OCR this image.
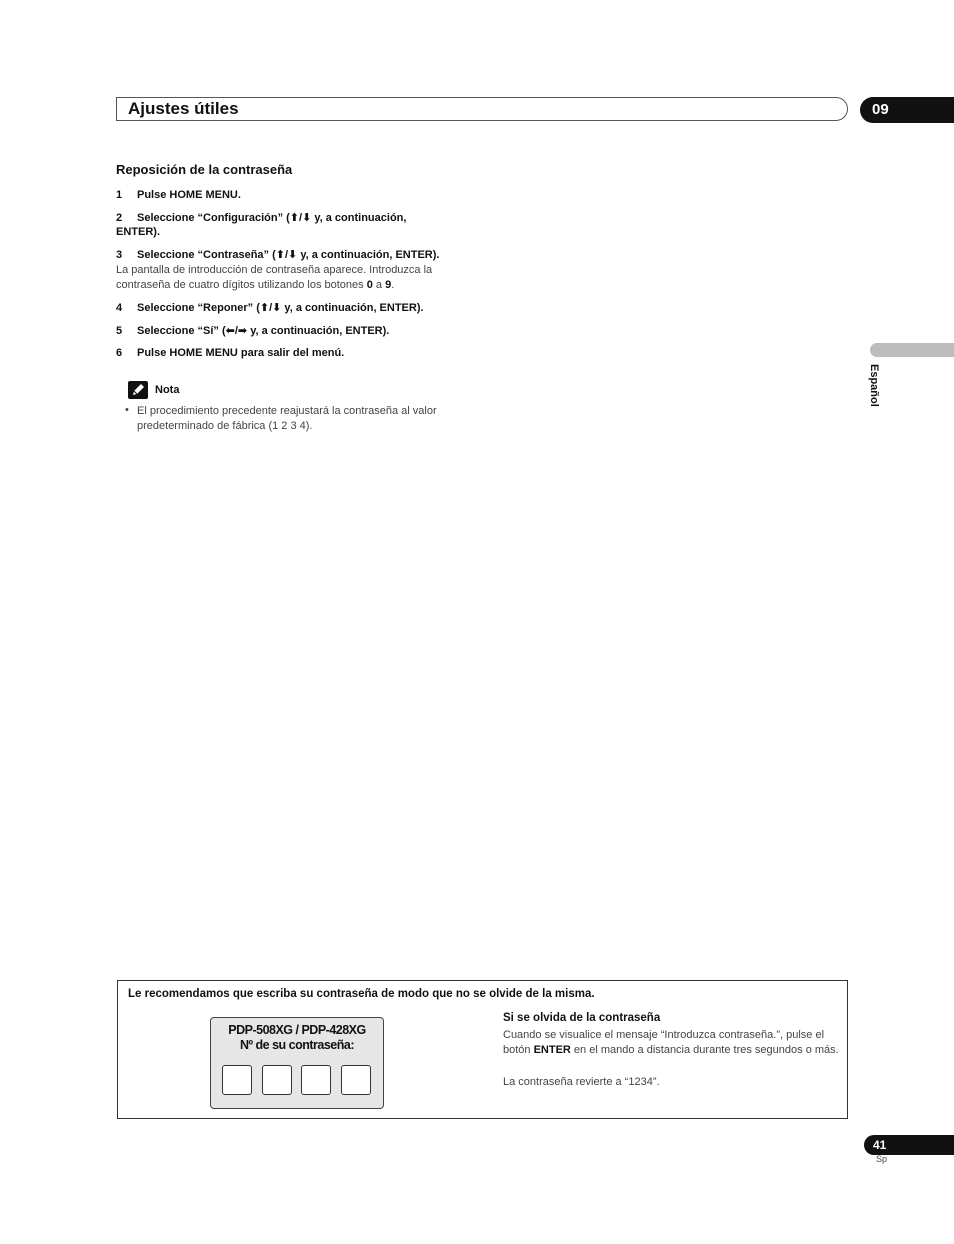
Ajustes útiles	09
Reposición de la contraseña
1 Pulse HOME MENU.
2 Seleccione “Configuración” (⬆/⬇ y, a continuación,
ENTER).
3 Seleccione “Contraseña” (⬆/⬇ y, a continuación, ENTER).
La pantalla de introducción de contraseña aparece. Introduzca la contraseña de cuatro dígitos utilizando los botones 0 a 9.
4 Seleccione “Reponer” (⬆/⬇ y, a continuación, ENTER).
5 Seleccione “Sí” (⬅/➡ y, a continuación, ENTER).
6 Pulse HOME MENU para salir del menú.
Nota
• El procedimiento precedente reajustará la contraseña al valor predeterminado de fábrica (1 2 3 4).
Español
Le recomendamos que escriba su contraseña de modo que no se olvide de la misma.
PDP-508XG / PDP-428XG
Nº de su contraseña:
Si se olvida de la contraseña
Cuando se visualice el mensaje “Introduzca contraseña.”, pulse el botón ENTER en el mando a distancia durante tres segundos o más.
La contraseña revierte a “1234”.
41
Sp
